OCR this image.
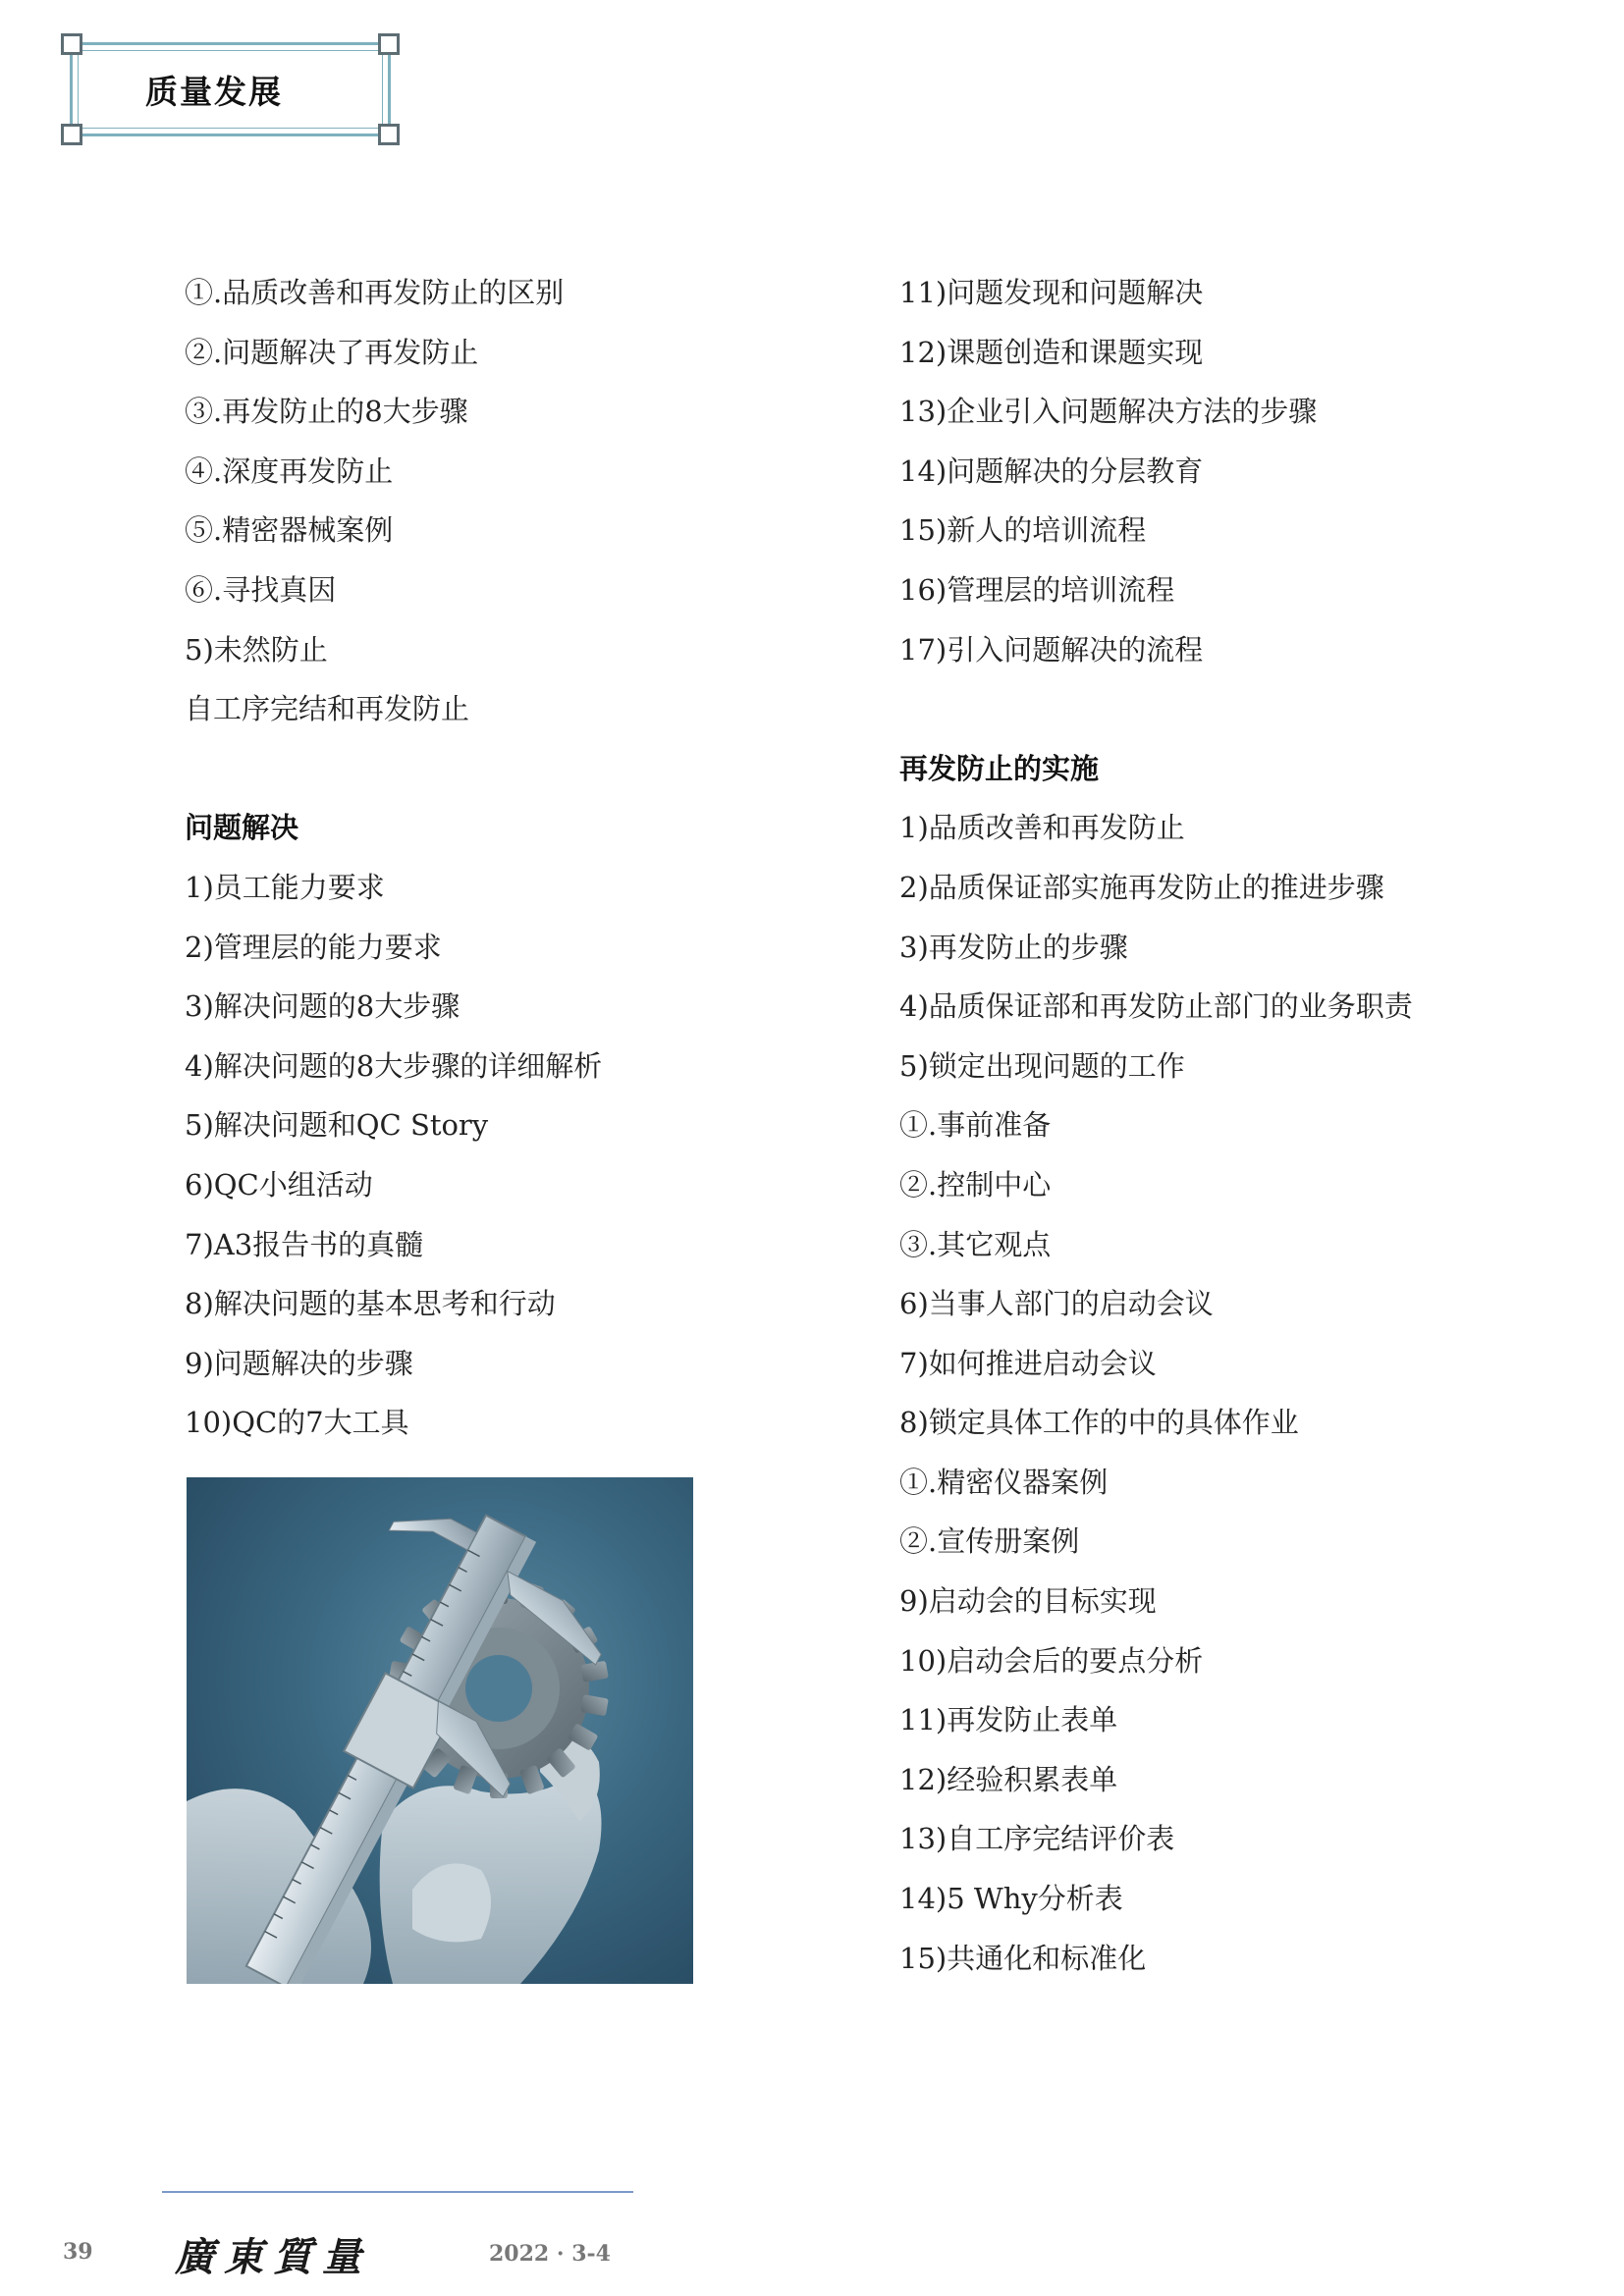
质量发展
①.品质改善和再发防止的区别
②.问题解决了再发防止
③.再发防止的8大步骤
④.深度再发防止
⑤.精密器械案例
⑥.寻找真因
5)未然防止
自工序完结和再发防止
问题解决
1)员工能力要求
2)管理层的能力要求
3)解决问题的8大步骤
4)解决问题的8大步骤的详细解析
5)解决问题和QC Story
6)QC小组活动
7)A3报告书的真髓
8)解决问题的基本思考和行动
9)问题解决的步骤
10)QC的7大工具
11)问题发现和问题解决
12)课题创造和课题实现
13)企业引入问题解决方法的步骤
14)问题解决的分层教育
15)新人的培训流程
16)管理层的培训流程
17)引入问题解决的流程
再发防止的实施
1)品质改善和再发防止
2)品质保证部实施再发防止的推进步骤
3)再发防止的步骤
4)品质保证部和再发防止部门的业务职责
5)锁定出现问题的工作
①.事前准备
②.控制中心
③.其它观点
6)当事人部门的启动会议
7)如何推进启动会议
8)锁定具体工作的中的具体作业
①.精密仪器案例
②.宣传册案例
9)启动会的目标实现
10)启动会后的要点分析
11)再发防止表单
12)经验积累表单
13)自工序完结评价表
14)5 Why分析表
15)共通化和标准化
39 廣東質量	2022 · 3-4
